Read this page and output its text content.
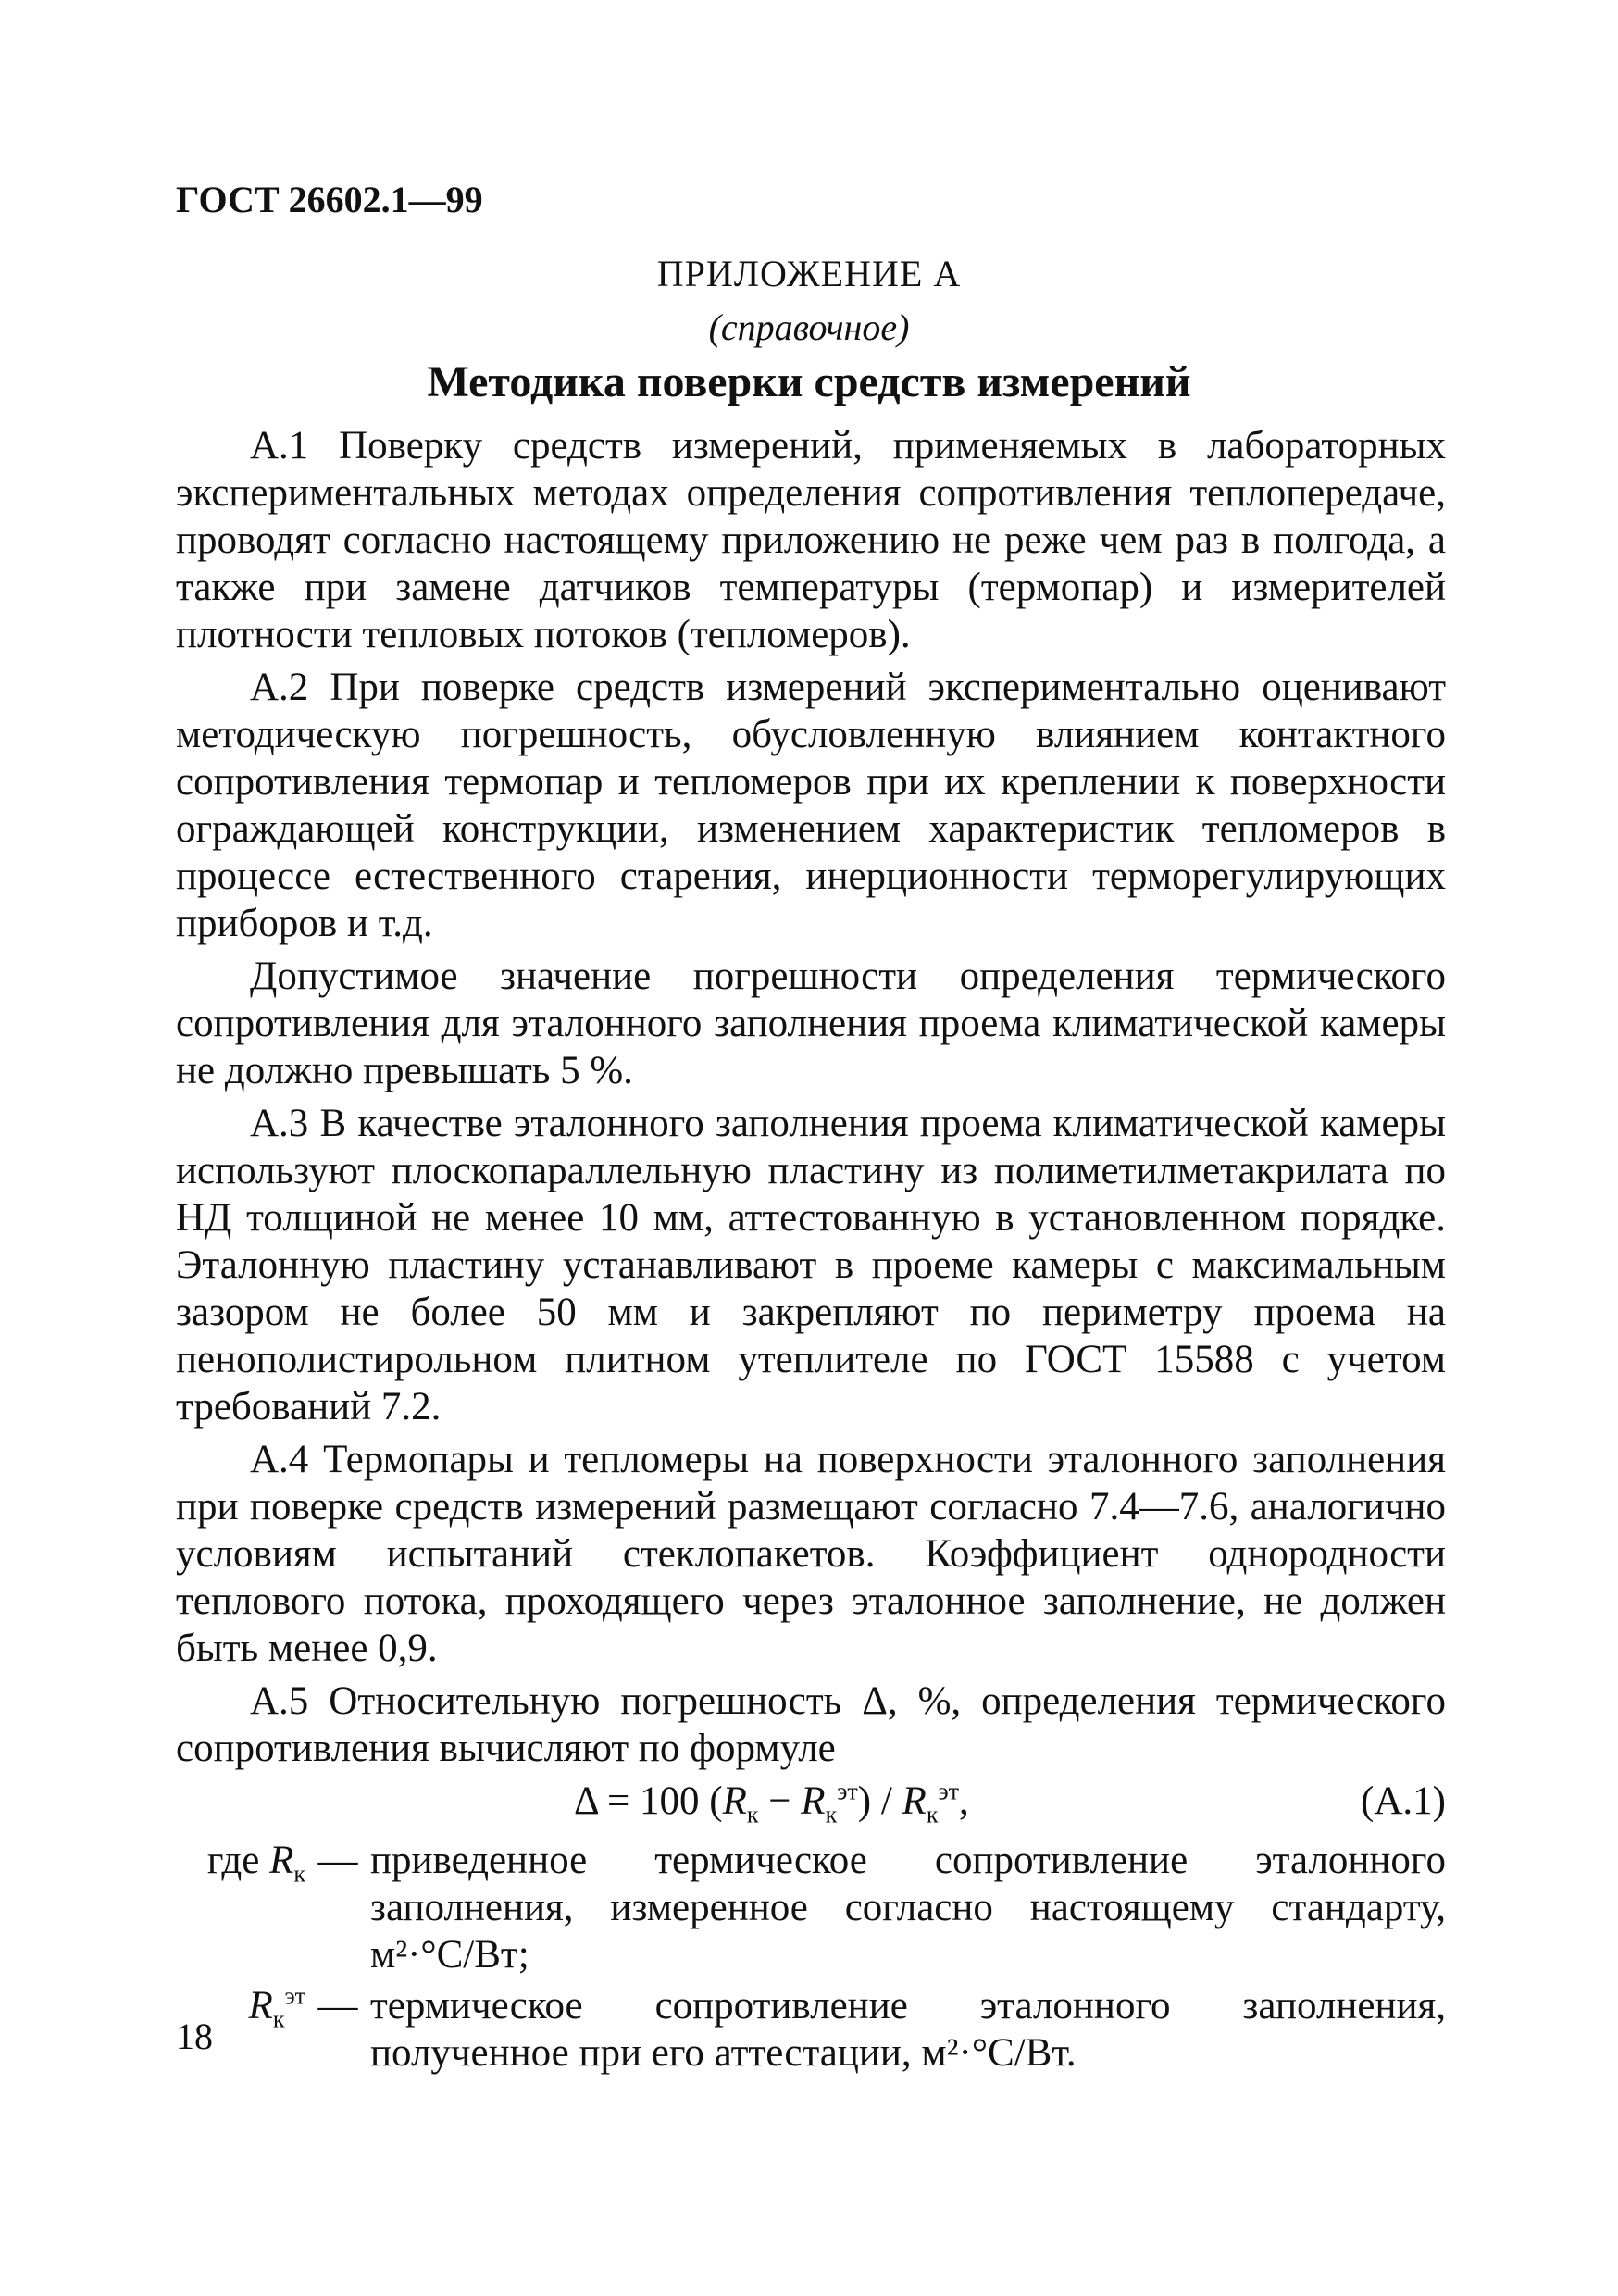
ГОСТ 26602.1—99
ПРИЛОЖЕНИЕ А
(справочное)
Методика поверки средств измерений

А.1 Поверку средств измерений, применяемых в лабораторных экспериментальных методах определения сопротивления теплопередаче, проводят согласно настоящему приложению не реже чем раз в полгода, а также при замене датчиков температуры (термопар) и измерителей плотности тепловых потоков (тепломеров).

А.2 При поверке средств измерений экспериментально оценивают методическую погрешность, обусловленную влиянием контактного сопротивления термопар и тепломеров при их креплении к поверхности ограждающей конструкции, изменением характеристик тепломеров в процессе естественного старения, инерционности терморегулирующих приборов и т.д.

Допустимое значение погрешности определения термического сопротивления для эталонного заполнения проема климатической камеры не должно превышать 5 %.

А.3 В качестве эталонного заполнения проема климатической камеры используют плоскопараллельную пластину из полиметилметакрилата по НД толщиной не менее 10 мм, аттестованную в установленном порядке. Эталонную пластину устанавливают в проеме камеры с максимальным зазором не более 50 мм и закрепляют по периметру проема на пенополистирольном плитном утеплителе по ГОСТ 15588 с учетом требований 7.2.

А.4 Термопары и тепломеры на поверхности эталонного заполнения при поверке средств измерений размещают согласно 7.4—7.6, аналогично условиям испытаний стеклопакетов. Коэффициент однородности теплового потока, проходящего через эталонное заполнение, не должен быть менее 0,9.

А.5 Относительную погрешность Δ, %, определения термического сопротивления вычисляют по формуле

Δ = 100 $(R_к - R_к^{эт}) / R_к^{эт}$,	(А.1)
где $R_к$ — приведенное термическое сопротивление эталонного заполнения, измеренное согласно настоящему стандарту, м²·°С/Вт;
$R_к^{эт}$ — термическое сопротивление эталонного заполнения, полученное при его аттестации, м²·°С/Вт.
18
